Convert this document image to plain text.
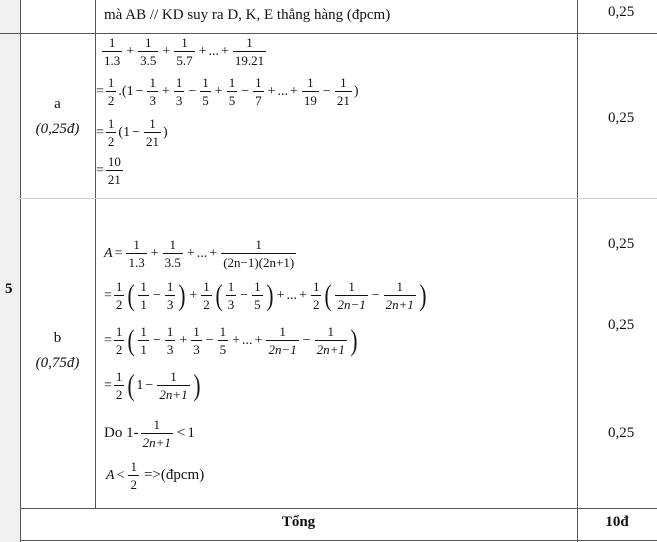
mà AB // KD suy ra D, K, E thẳng hàng (đpcm)	0,25
5
a
(0,25đ)
0,25
$\frac{1}{1.3} + \frac{1}{3.5} + \frac{1}{5.7}$ + ... + $\frac{1}{19.21}$
= $\frac{1}{2} .(1 - \frac{1}{3} + \frac{1}{3} - \frac{1}{5} + \frac{1}{5} - \frac{1}{7}$ + ... + $\frac{1}{19} - \frac{1}{21}$ )
= $\frac{1}{2} (1 - \frac{1}{21}$ )
= $\frac{10}{21}$
b
(0,75đ)
0,25
0,25
0,25
$A = \frac{1}{1.3} + \frac{1}{3.5}$ + ... + $\frac{1}{(2n-1)(2n+1)}$
= $\frac{1}{2}$ ( $\frac{1}{1} - \frac{1}{3}$ ) + $\frac{1}{2}$ ( $\frac{1}{3} - \frac{1}{5}$ ) + ... + $\frac{1}{2}$ ( $\frac{1}{2n-1} - \frac{1}{2n+1}$ )
= $\frac{1}{2}$ ( $\frac{1}{1} - \frac{1}{3} + \frac{1}{3} - \frac{1}{5}$ + ... + $\frac{1}{2n-1} - \frac{1}{2n+1}$ )
= $\frac{1}{2}$ ( $1 - \frac{1}{2n+1}$ )
Do
$1- \frac{1}{2n+1} < 1$
$A < \frac{1}{2}$ =>(đpcm)
Tổng	10đ
